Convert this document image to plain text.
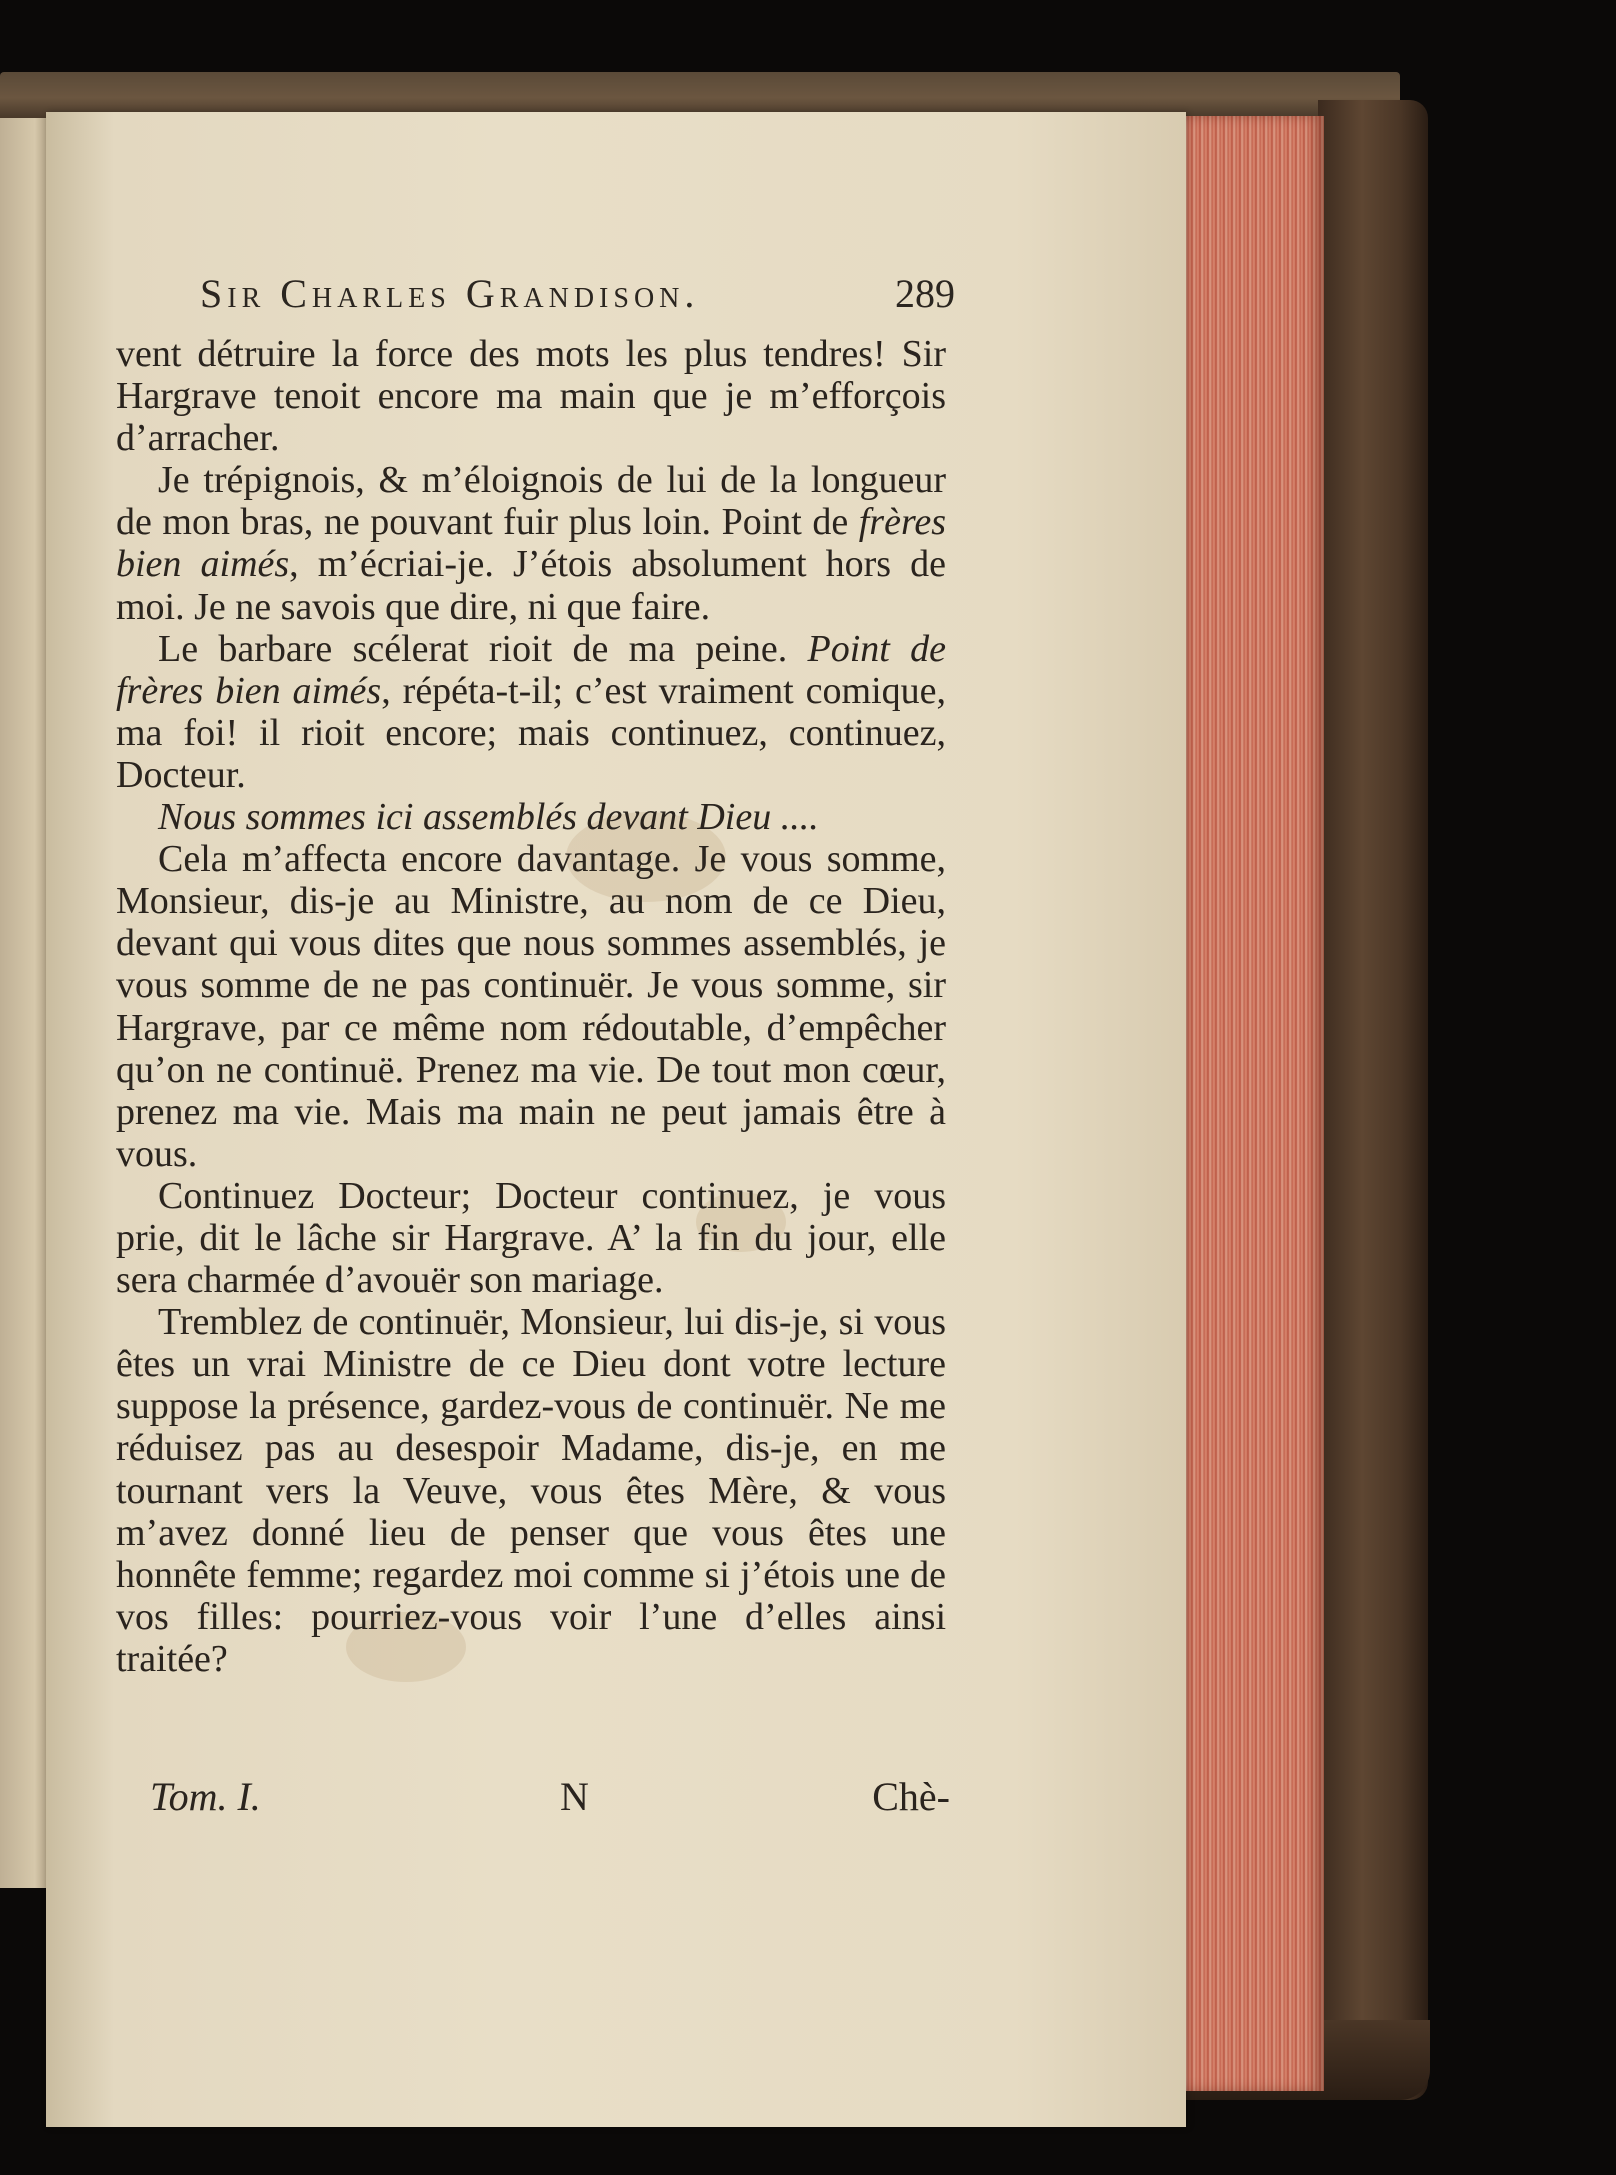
Sir Charles Grandison.	289

vent détruire la force des mots les plus tendres! Sir Hargrave tenoit encore ma main que je m’efforçois d’arracher.

Je trépignois, & m’éloignois de lui de la longueur de mon bras, ne pouvant fuir plus loin. Point de frères bien aimés, m’écriai-je. J’étois absolument hors de moi. Je ne savois que dire, ni que faire.

Le barbare scélerat rioit de ma peine. Point de frères bien aimés, répéta-t-il; c’est vraiment comique, ma foi! il rioit encore; mais continuez, continuez, Docteur.

Nous sommes ici assemblés devant Dieu ....

Cela m’affecta encore davantage. Je vous somme, Monsieur, dis-je au Ministre, au nom de ce Dieu, devant qui vous dites que nous sommes assemblés, je vous somme de ne pas continuër. Je vous somme, sir Hargrave, par ce même nom rédoutable, d’empêcher qu’on ne continuë. Prenez ma vie. De tout mon cœur, prenez ma vie. Mais ma main ne peut jamais être à vous.

Continuez Docteur; Docteur continuez, je vous prie, dit le lâche sir Hargrave. A’ la fin du jour, elle sera charmée d’avouër son mariage.

Tremblez de continuër, Monsieur, lui dis-je, si vous êtes un vrai Ministre de ce Dieu dont votre lecture suppose la présence, gardez-vous de continuër. Ne me réduisez pas au desespoir Madame, dis-je, en me tournant vers la Veuve, vous êtes Mère, & vous m’avez donné lieu de penser que vous êtes une honnête femme; regardez moi comme si j’étois une de vos filles: pourriez-vous voir l’une d’elles ainsi traitée?

Tom. I.	N	Chè-
